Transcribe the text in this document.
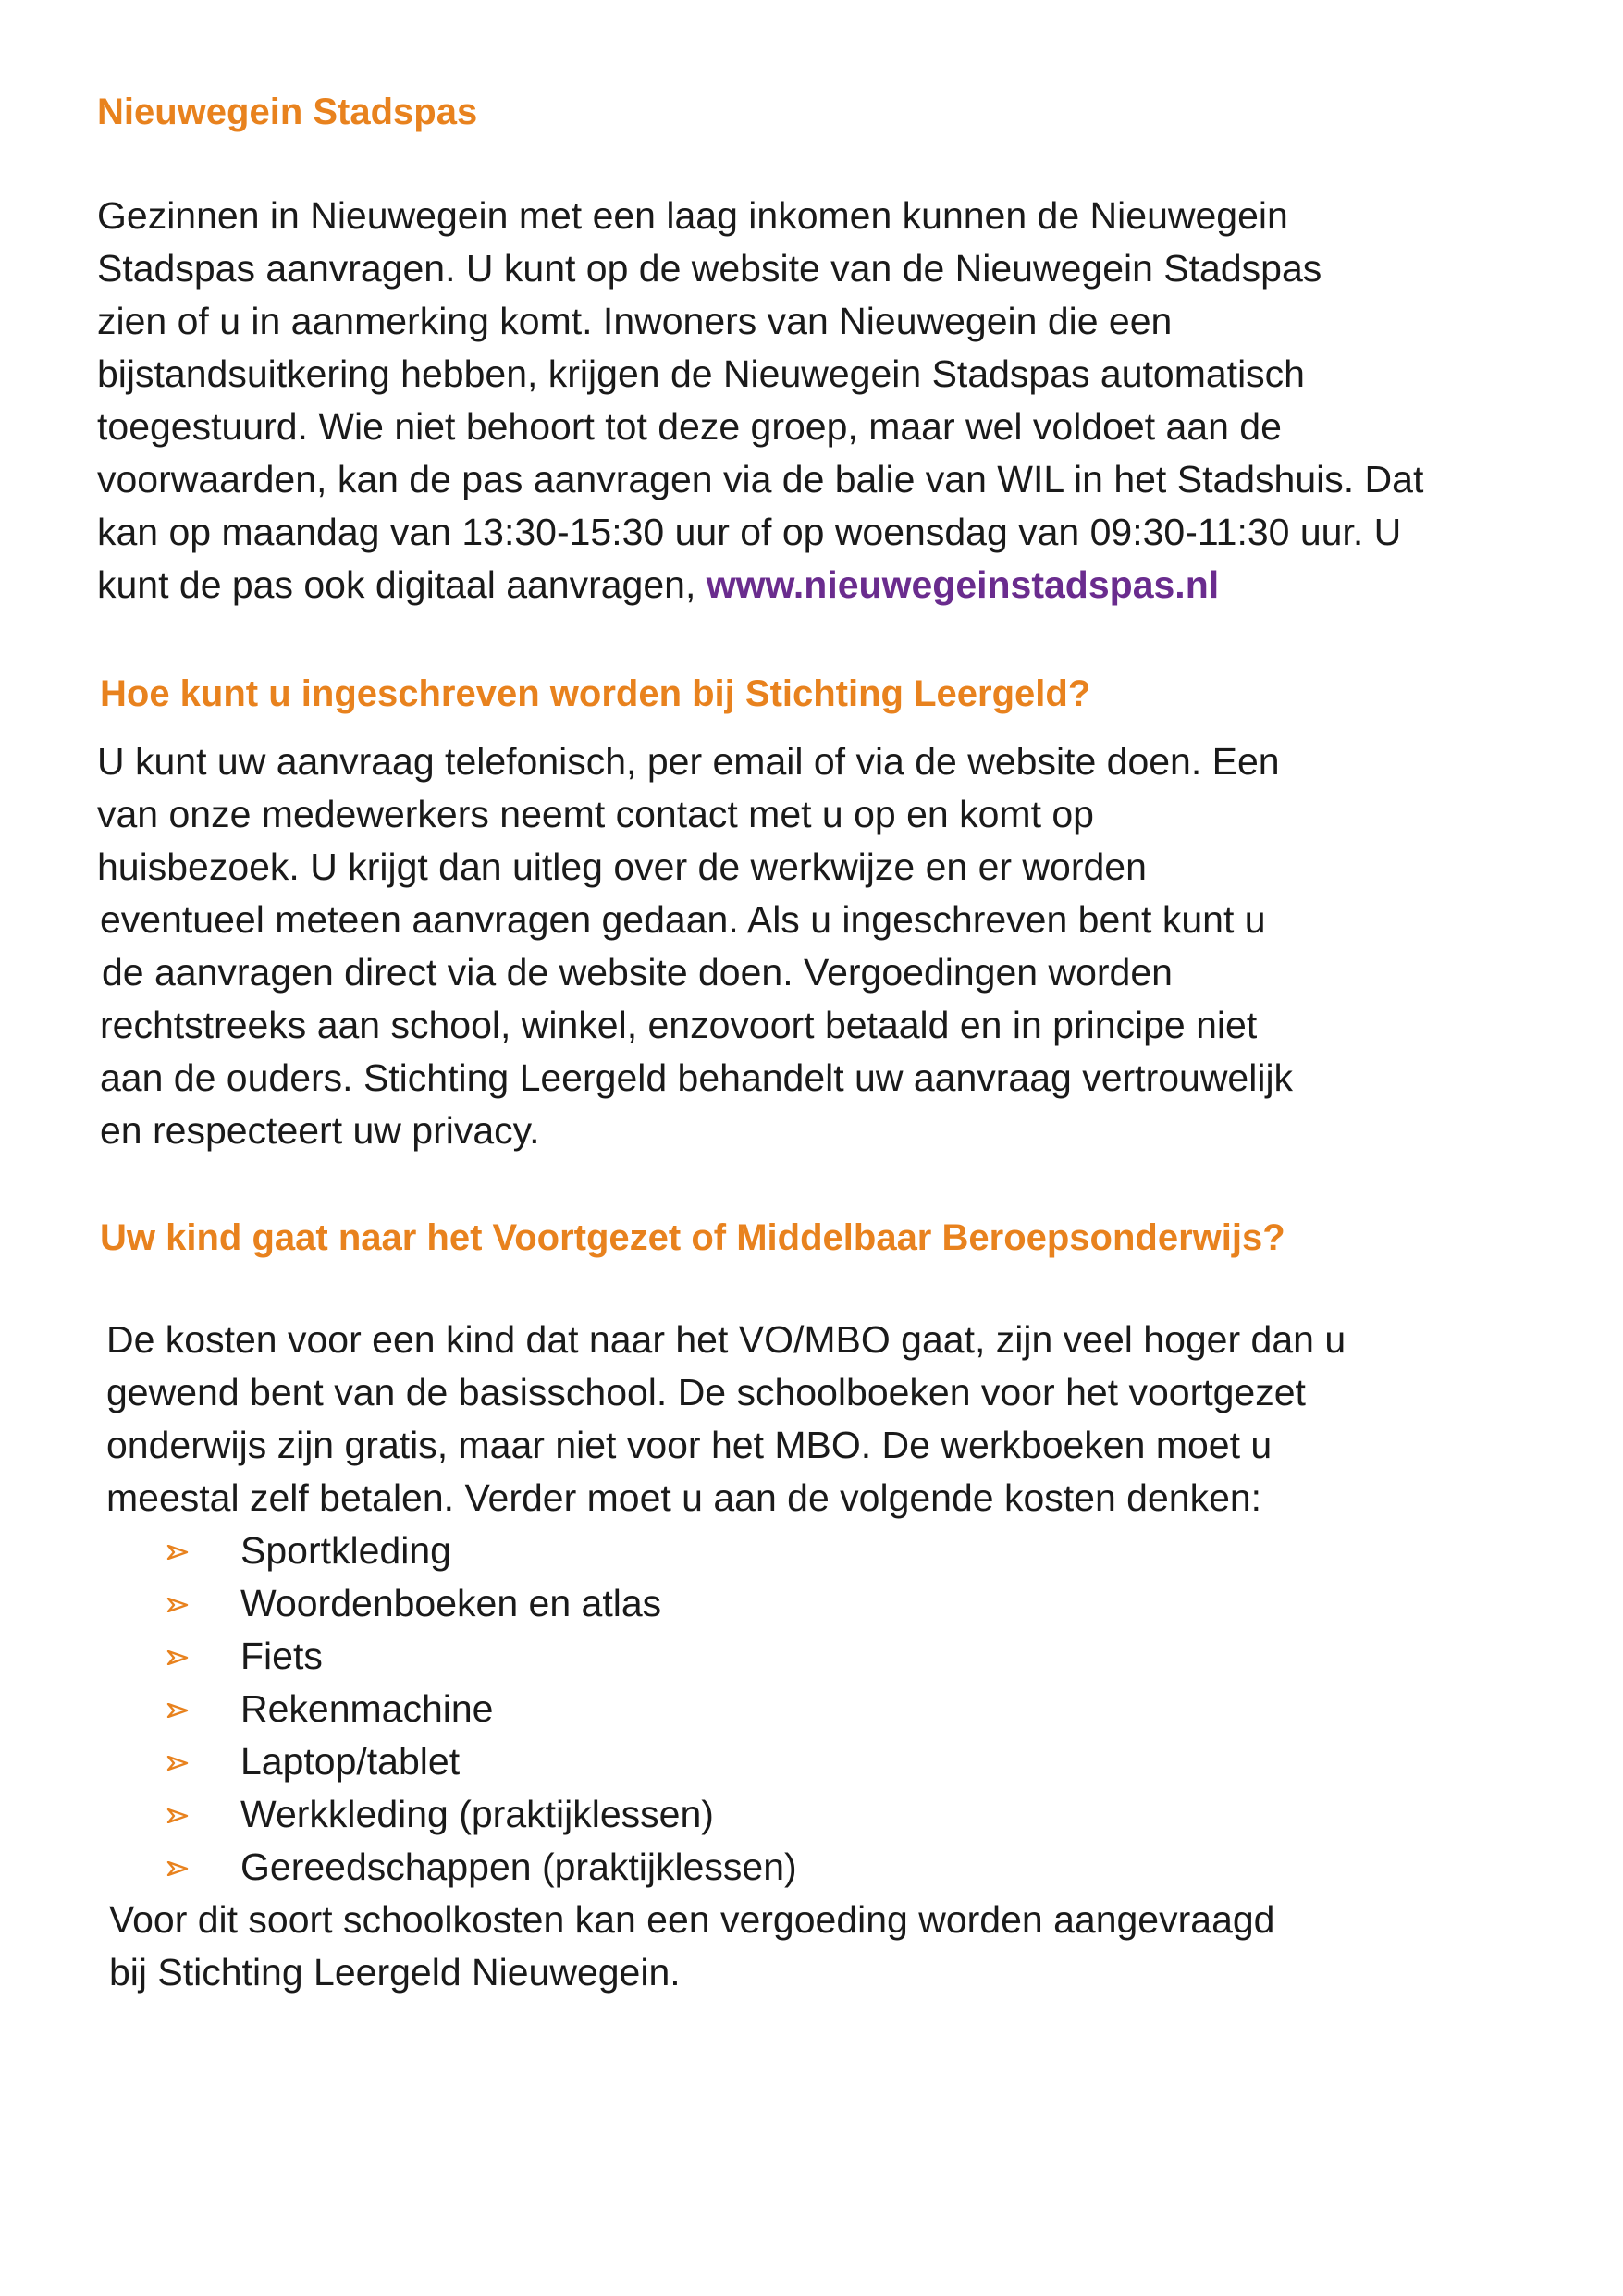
Nieuwegein Stadspas
Gezinnen in Nieuwegein met een laag inkomen kunnen de Nieuwegein
Stadspas aanvragen. U kunt op de website van de Nieuwegein Stadspas
zien of u in aanmerking komt. Inwoners van Nieuwegein die een
bijstandsuitkering hebben, krijgen de Nieuwegein Stadspas automatisch
toegestuurd. Wie niet behoort tot deze groep, maar wel voldoet aan de
voorwaarden, kan de pas aanvragen via de balie van WIL in het Stadshuis. Dat
kan op maandag van 13:30-15:30 uur of op woensdag van 09:30-11:30 uur. U
kunt de pas ook digitaal aanvragen, www.nieuwegeinstadspas.nl
Hoe kunt u ingeschreven worden bij Stichting Leergeld?
U kunt uw aanvraag telefonisch, per email of via de website doen. Een
van onze medewerkers neemt contact met u op en komt op
huisbezoek. U krijgt dan uitleg over de werkwijze en er worden
eventueel meteen aanvragen gedaan. Als u ingeschreven bent kunt u
de aanvragen direct via de website doen. Vergoedingen worden
rechtstreeks aan school, winkel, enzovoort betaald en in principe niet
aan de ouders. Stichting Leergeld behandelt uw aanvraag vertrouwelijk
en respecteert uw privacy.
Uw kind gaat naar het Voortgezet of Middelbaar Beroepsonderwijs?
De kosten voor een kind dat naar het VO/MBO gaat, zijn veel hoger dan u
gewend bent van de basisschool. De schoolboeken voor het voortgezet
onderwijs zijn gratis, maar niet voor het MBO. De werkboeken moet u
meestal zelf betalen. Verder moet u aan de volgende kosten denken:
Sportkleding
Woordenboeken en atlas
Fiets
Rekenmachine
Laptop/tablet
Werkkleding (praktijklessen)
Gereedschappen (praktijklessen)
Voor dit soort schoolkosten kan een vergoeding worden aangevraagd
bij Stichting Leergeld Nieuwegein.
